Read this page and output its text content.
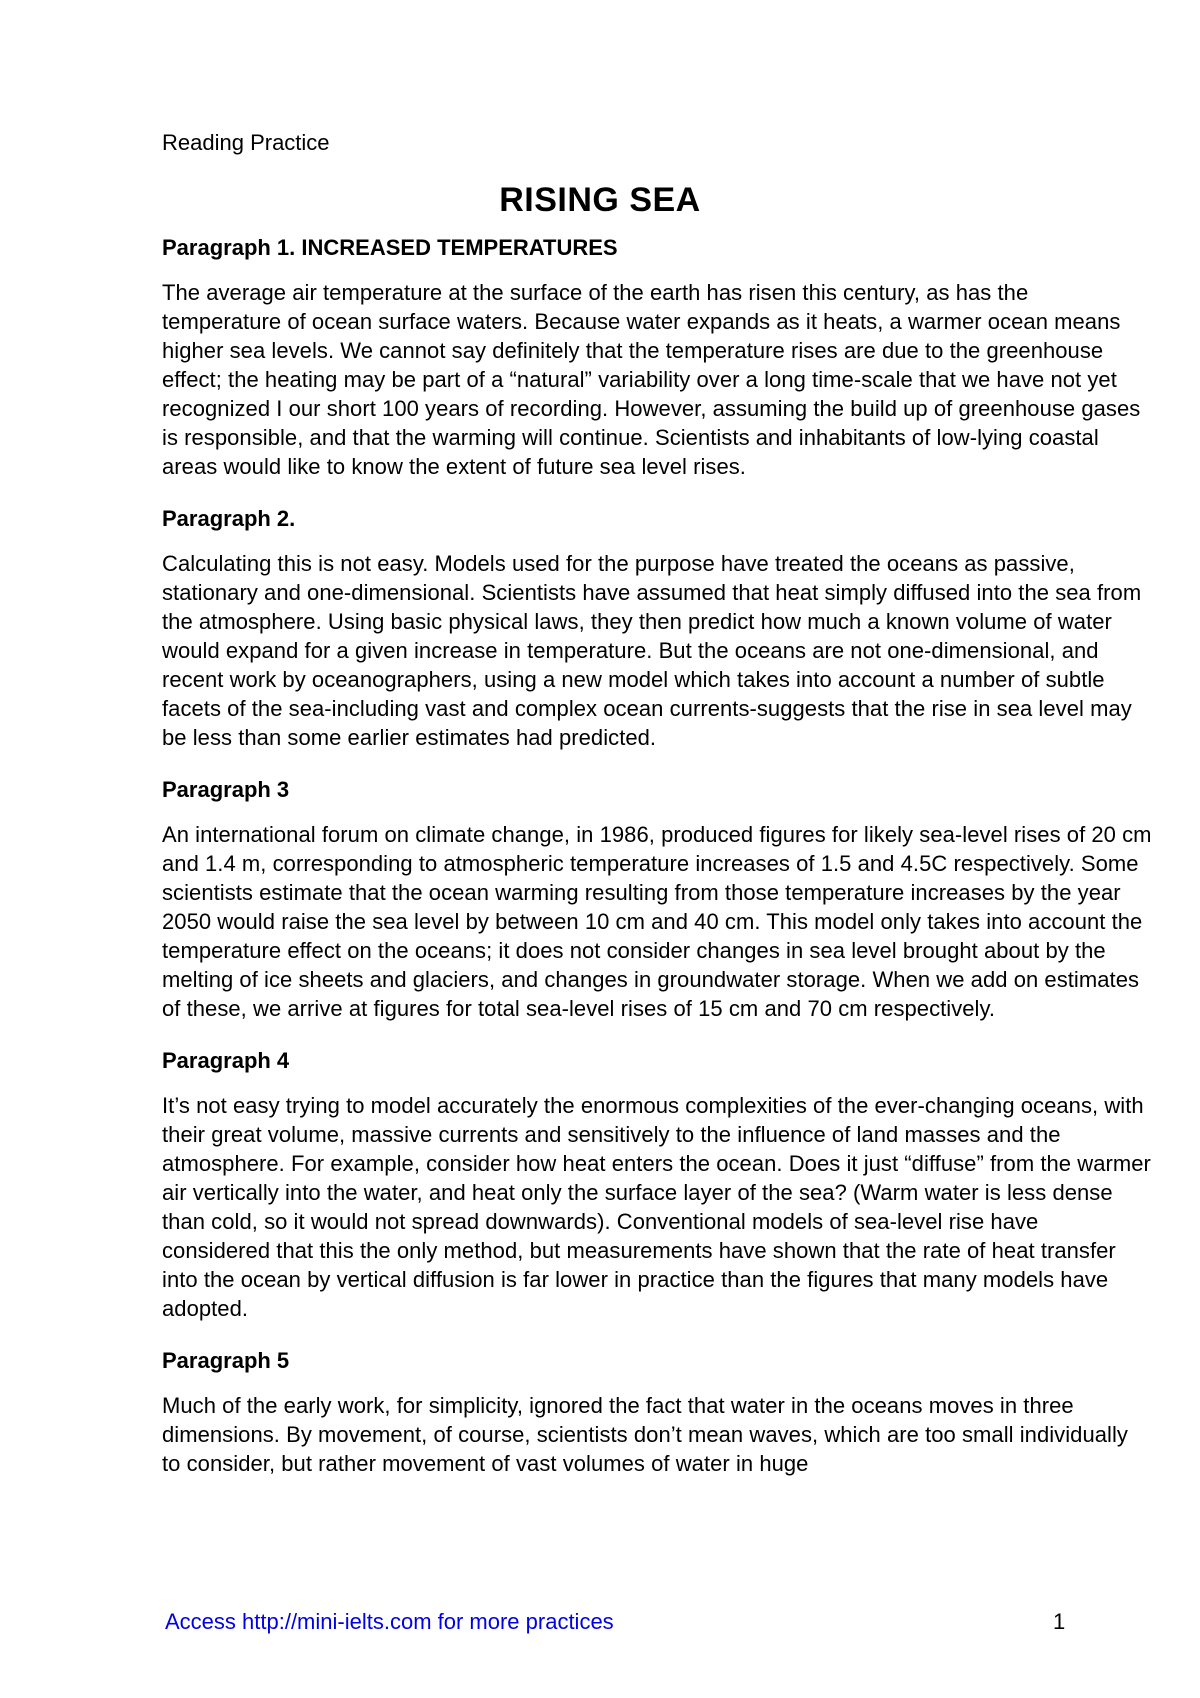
Reading Practice
RISING SEA
Paragraph 1. INCREASED TEMPERATURES

The average air temperature at the surface of the earth has risen this century, as has the temperature of ocean surface waters. Because water expands as it heats, a warmer ocean means higher sea levels. We cannot say definitely that the temperature rises are due to the greenhouse effect; the heating may be part of a “natural” variability over a long time-scale that we have not yet recognized I our short 100 years of recording. However, assuming the build up of greenhouse gases is responsible, and that the warming will continue. Scientists and inhabitants of low-lying coastal areas would like to know the extent of future sea level rises.

Paragraph 2.

Calculating this is not easy. Models used for the purpose have treated the oceans as passive, stationary and one-dimensional. Scientists have assumed that heat simply diffused into the sea from the atmosphere. Using basic physical laws, they then predict how much a known volume of water would expand for a given increase in temperature. But the oceans are not one-dimensional, and recent work by oceanographers, using a new model which takes into account a number of subtle facets of the sea-including vast and complex ocean currents-suggests that the rise in sea level may be less than some earlier estimates had predicted.

Paragraph 3

An international forum on climate change, in 1986, produced figures for likely sea-level rises of 20 cm and 1.4 m, corresponding to atmospheric temperature increases of 1.5 and 4.5C respectively. Some scientists estimate that the ocean warming resulting from those temperature increases by the year 2050 would raise the sea level by between 10 cm and 40 cm. This model only takes into account the temperature effect on the oceans; it does not consider changes in sea level brought about by the melting of ice sheets and glaciers, and changes in groundwater storage. When we add on estimates of these, we arrive at figures for total sea-level rises of 15 cm and 70 cm respectively.

Paragraph 4

It’s not easy trying to model accurately the enormous complexities of the ever-changing oceans, with their great volume, massive currents and sensitively to the influence of land masses and the atmosphere. For example, consider how heat enters the ocean. Does it just “diffuse” from the warmer air vertically into the water, and heat only the surface layer of the sea? (Warm water is less dense than cold, so it would not spread downwards). Conventional models of sea-level rise have considered that this the only method, but measurements have shown that the rate of heat transfer into the ocean by vertical diffusion is far lower in practice than the figures that many models have adopted.

Paragraph 5

Much of the early work, for simplicity, ignored the fact that water in the oceans moves in three dimensions. By movement, of course, scientists don’t mean waves, which are too small individually to consider, but rather movement of vast volumes of water in huge

Access http://mini-ielts.com for more practices	1
